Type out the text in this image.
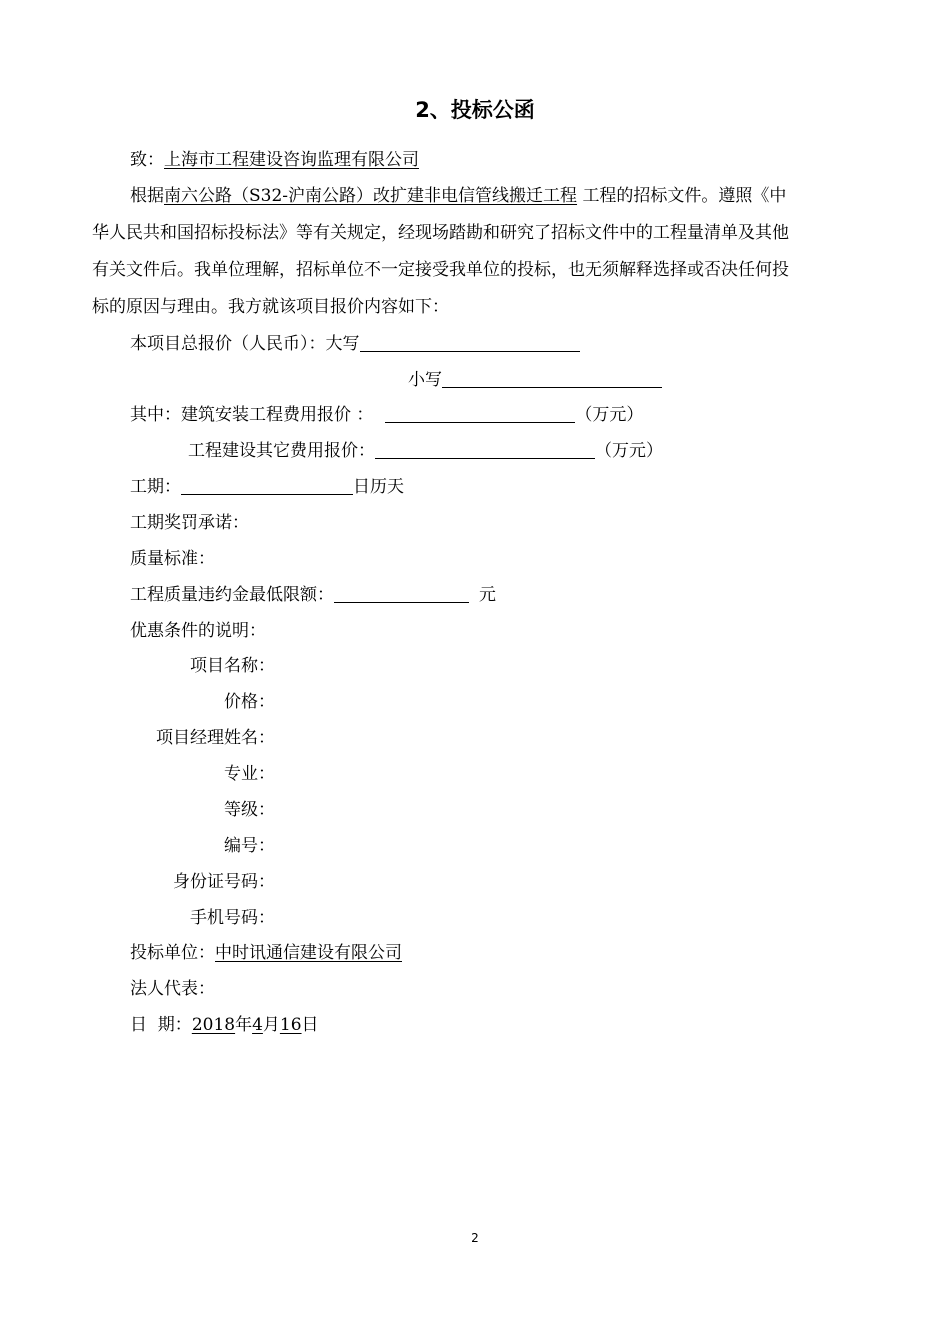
2、投标公函
致：上海市工程建设咨询监理有限公司
根据南六公路（S32-沪南公路）改扩建非电信管线搬迁工程 工程的招标文件。遵照《中
华人民共和国招标投标法》等有关规定，经现场踏勘和研究了招标文件中的工程量清单及其他
有关文件后。我单位理解，招标单位不一定接受我单位的投标，也无须解释选择或否决任何投
标的原因与理由。我方就该项目报价内容如下：
本项目总报价（人民币）：大写
小写
其中：建筑安装工程费用报价 ：	（万元）
工程建设其它费用报价：	（万元）
工期：	日历天
工期奖罚承诺：
质量标准：
工程质量违约金最低限额：	元
优惠条件的说明：
项目名称：
价格：
项目经理姓名：
专业：
等级：
编号：
身份证号码：
手机号码：
投标单位：中时讯通信建设有限公司
法人代表：
日  期：2018年4月16日
2
